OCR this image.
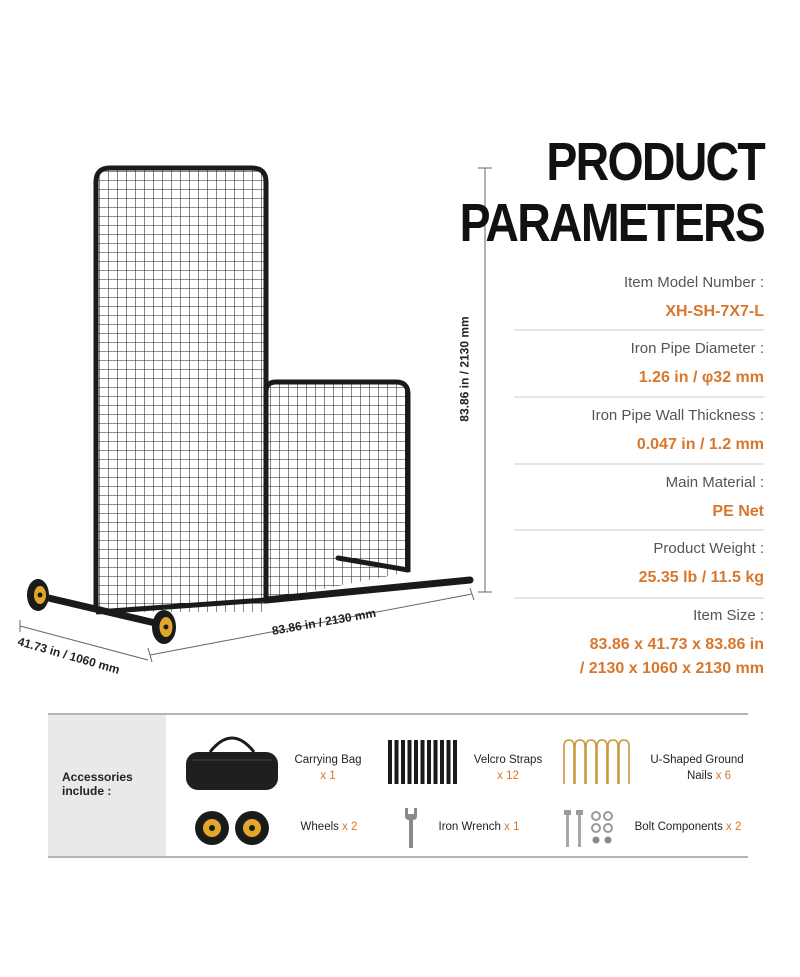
83.86 in / 2130 mm
83.86 in / 2130 mm
41.73 in / 1060 mm
PRODUCT
PARAMETERS
Item Model Number :
XH-SH-7X7-L
Iron Pipe Diameter :
1.26 in / φ32 mm
Iron Pipe Wall Thickness :
0.047 in / 1.2 mm
Main Material :
PE Net
Product Weight :
25.35 lb / 11.5 kg
Item Size :
83.86 x 41.73 x 83.86 in
/ 2130 x 1060 x 2130 mm
Accessories
include :
Carrying Bag
x 1
Velcro Straps
x 12
U-Shaped Ground
Nails x 6
Wheels x 2	Iron Wrench x 1	Bolt Components x 2
